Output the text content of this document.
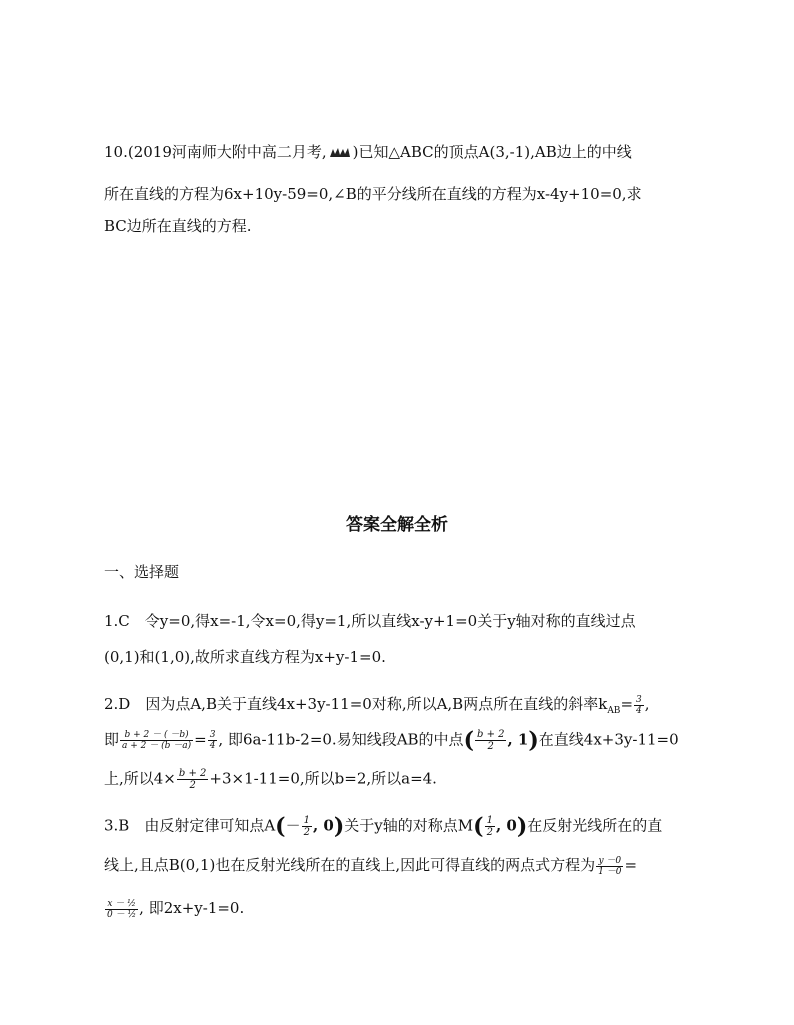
10.(2019河南师大附中高二月考, )已知△ABC的顶点A(3,-1),AB边上的中线
所在直线的方程为6x+10y-59=0,∠B的平分线所在直线的方程为x-4y+10=0,求
BC边所在直线的方程.
答案全解全析
一、选择题
1.C　令y=0,得x=-1,令x=0,得y=1,所以直线x-y+1=0关于y轴对称的直线过点
(0,1)和(1,0),故所求直线方程为x+y-1=0.
2.D　因为点A,B关于直线4x+3y-11=0对称,所以A,B两点所在直线的斜率$k_{AB}= \frac{3}{4}$ ,
即 $\frac{b + 2 - ( -b)}{a + 2 - (b -a)} = \frac{3}{4}$ , 即6a-11b-2=0.易知线段AB的中点( $\frac{b + 2}{2}$ , 1)在直线4x+3y-11=0
上,所以$4\times \frac{b + 2}{2} +3\times 1-11=0$,所以b=2,所以a=4.
3.B　由反射定律可知点$A(- \frac{1}{2}$ , 0)关于y轴的对称点$M( \frac{1}{2}$ , 0)在反射光线所在的直
线上,且点B(0,1)也在反射光线所在的直线上,因此可得直线的两点式方程为 $\frac{y -0}{1 -0}$ =
$\frac{\text{x － ½}}{\text{0 － ½}}$ , 即2x+y-1=0.
